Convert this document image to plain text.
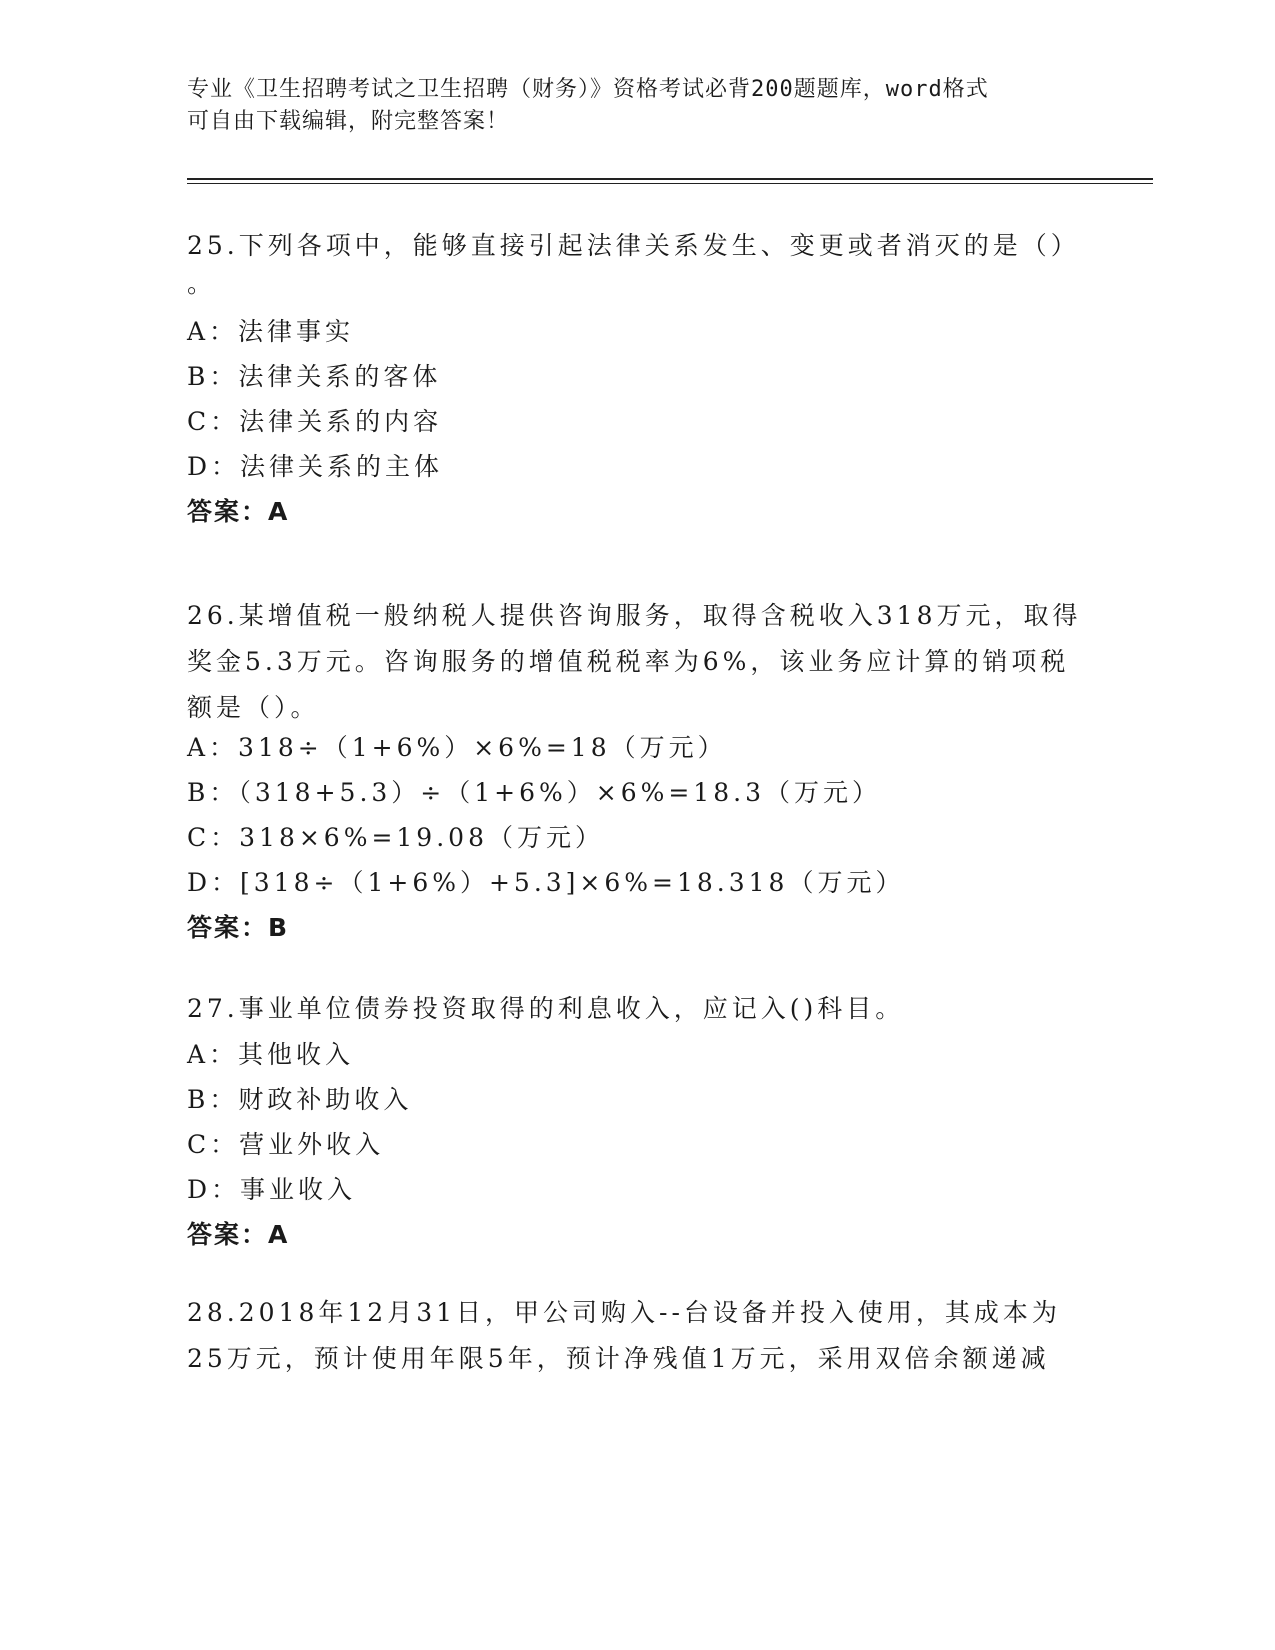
专业《卫生招聘考试之卫生招聘（财务）》资格考试必背200题题库，word格式
可自由下载编辑，附完整答案！
25.下列各项中，能够直接引起法律关系发生、变更或者消灭的是（）
。
A：法律事实
B：法律关系的客体
C：法律关系的内容
D：法律关系的主体
答案：A
26.某增值税一般纳税人提供咨询服务，取得含税收入318万元，取得
奖金5.3万元。咨询服务的增值税税率为6%，该业务应计算的销项税
额是（）。
A：318÷（1+6%）×6%=18（万元）
B：（318+5.3）÷（1+6%）×6%=18.3（万元）
C：318×6%=19.08（万元）
D：[318÷（1+6%）+5.3]×6%=18.318（万元）
答案：B
27.事业单位债券投资取得的利息收入，应记入()科目。
A：其他收入
B：财政补助收入
C：营业外收入
D：事业收入
答案：A
28.2018年12月31日，甲公司购入--台设备并投入使用，其成本为
25万元，预计使用年限5年，预计净残值1万元，采用双倍余额递减
